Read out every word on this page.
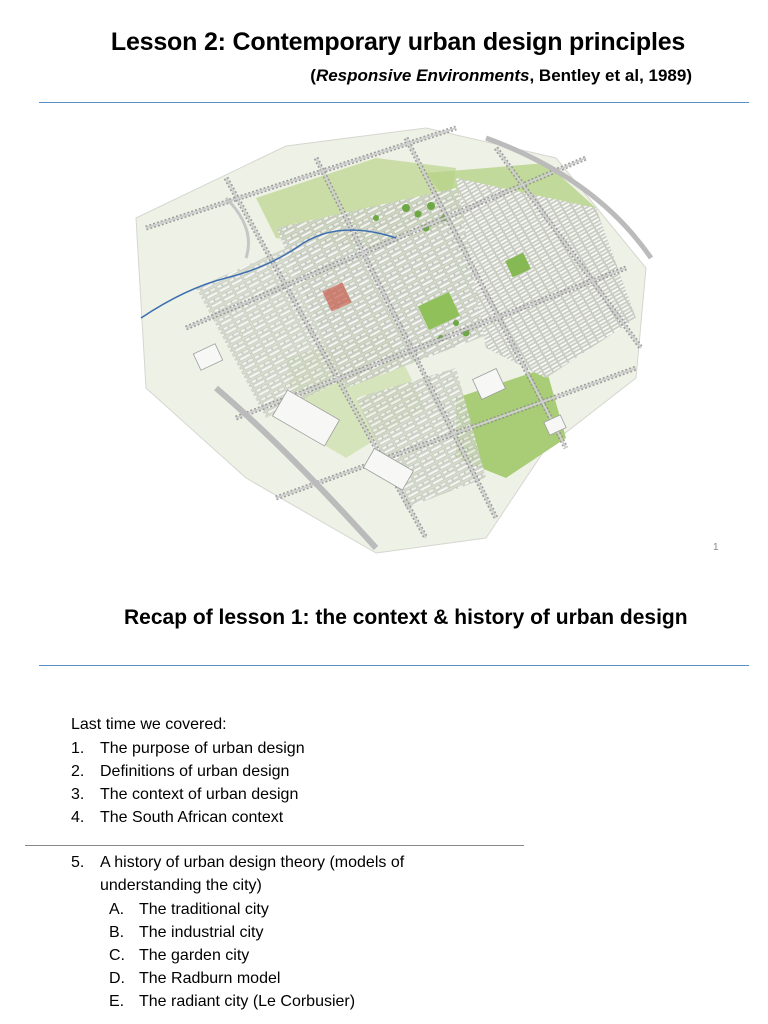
Lesson 2: Contemporary urban design principles
(Responsive Environments, Bentley et al, 1989)
1
Recap of lesson 1: the context & history of urban design
Last time we covered:
1. The purpose of urban design
2. Definitions of urban design
3. The context of urban design
4. The South African context
5. A history of urban design theory (models of understanding the city)
A. The traditional city
B. The industrial city
C. The garden city
D. The Radburn model
E. The radiant city (Le Corbusier)
